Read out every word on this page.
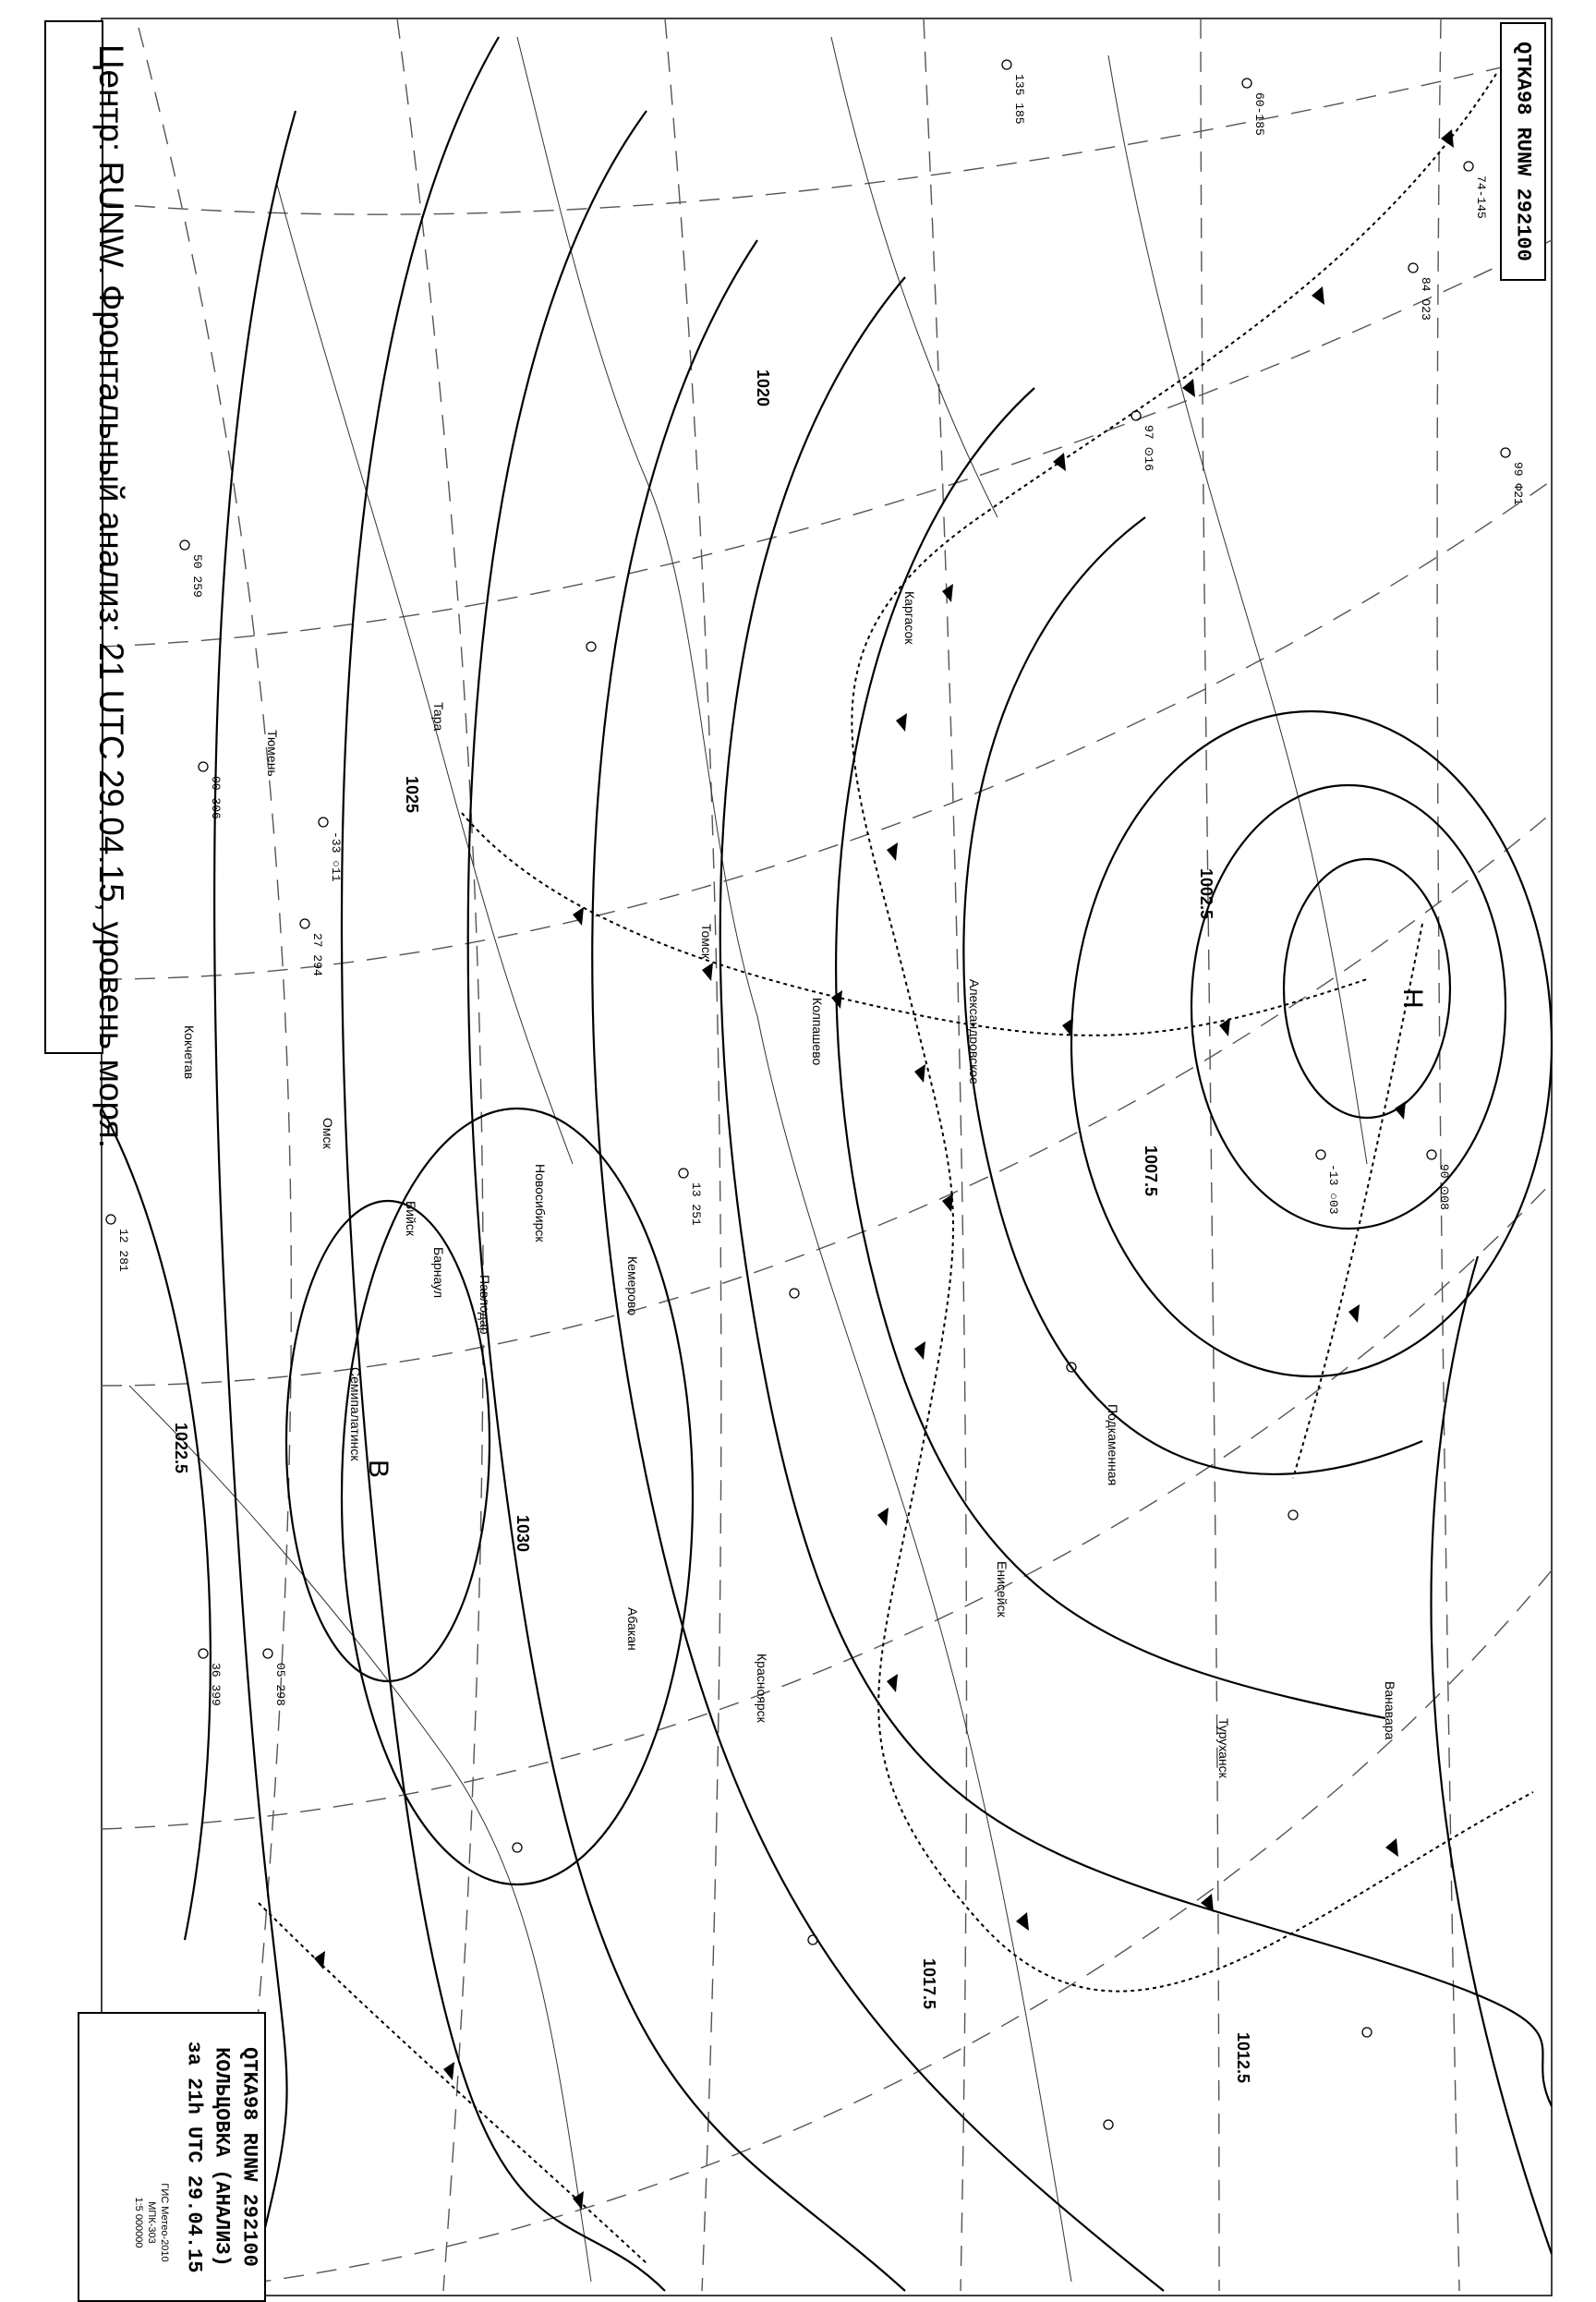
1020
1007.5
1002.5
1017.5
1030
1025
1022.5
1012.5
Н
В
Омск
Барнаул
Новосибирск
Томск
Кемерово
Александровское
Колпашево
Каргасок
Тара
Тюмень
Кокчетав
Павлодар
Семипалатинск
Бийск
Абакан
Красноярск
Енисейск
Туруханск
Ванавара
Подкаменная
74-145
60-185
135 185
99 Ф21
-13 ○03	90 ⊙08
97 ⊙16
84 O23
50 259
00 306
27 294
-33 ○11
12 281
36 399	05 298
13 251
Центр: RUNW. Фронтальный анализ: 21 UTC 29.04.15, уровень моря.	QTKA98 RUNW 292100
QTKA98 RUNW 292100
КОЛЬЦОВКА (АНАЛИЗ)
за 21h UTC 29.04.15
ГИС Метео-2010
МПК-303
1:5 000000
